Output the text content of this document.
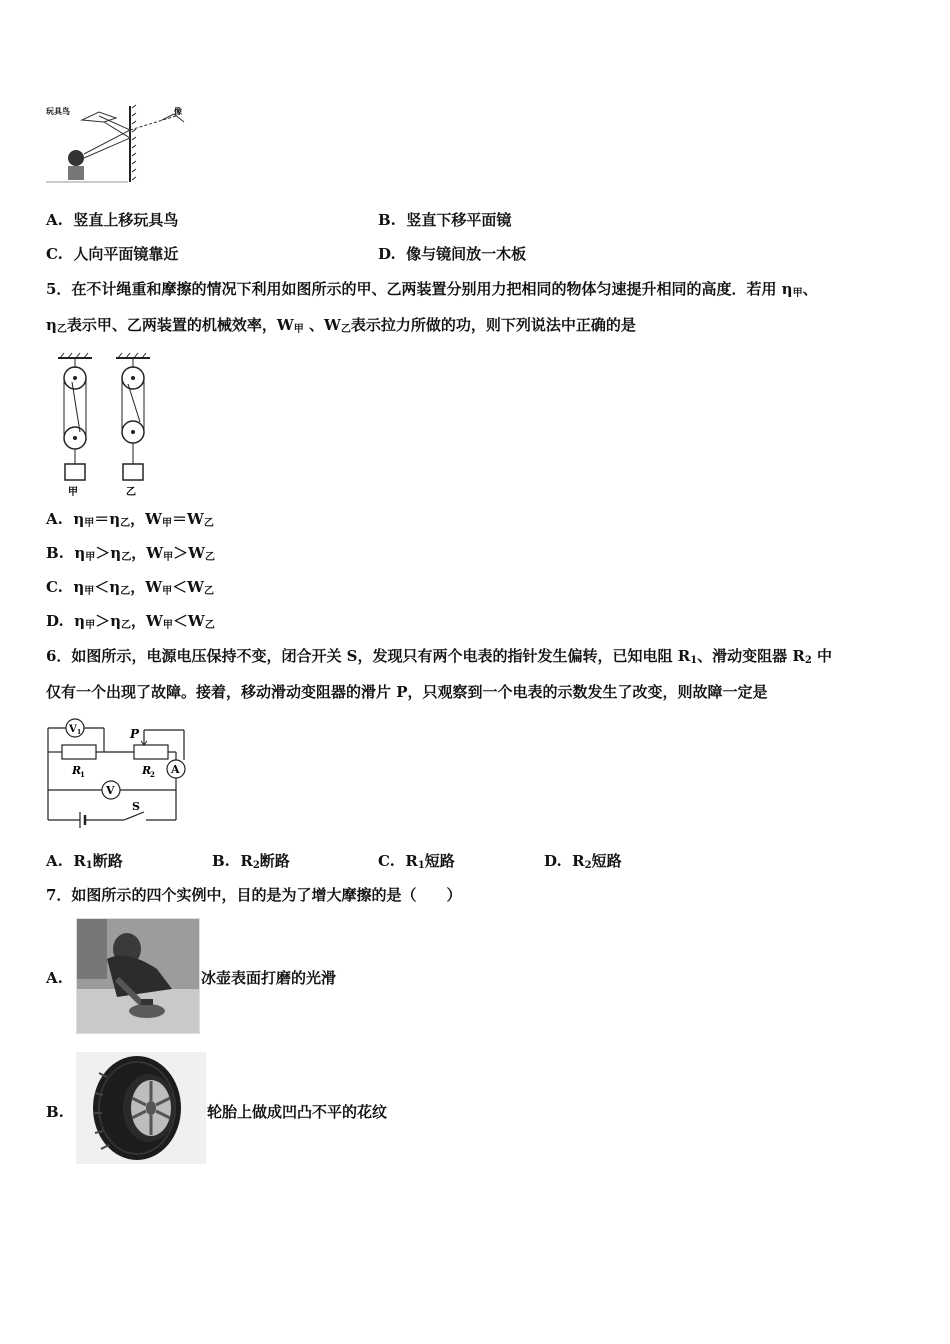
玩具鸟	像
A. 竖直上移玩具鸟	B. 竖直下移平面镜
C. 人向平面镜靠近	D. 像与镜间放一木板
5．在不计绳重和摩擦的情况下利用如图所示的甲、乙两装置分别用力把相同的物体匀速提升相同的高度．若用 $\eta_甲$、
$\eta_乙$表示甲、乙两装置的机械效率，$W_甲$ 、$W_乙$表示拉力所做的功，则下列说法中正确的是
甲	乙
A. $\eta_甲=\eta_乙$，$W_甲=W_乙$
B. $\eta_甲>\eta_乙$，$W_甲>W_乙$
C. $\eta_甲<\eta_乙$，$W_甲<W_乙$
D. $\eta_甲>\eta_乙$，$W_甲<W_乙$
6．如图所示，电源电压保持不变，闭合开关 S，发现只有两个电表的指针发生偏转，已知电阻 $R_1$、滑动变阻器 $R_2$ 中
仅有一个出现了故障。接着，移动滑动变阻器的滑片 P，只观察到一个电表的示数发生了改变，则故障一定是
A
V 1	P
R
1	R
2
V
S
A. $R_1$断路	B. $R_2$断路	C. $R_1$短路	D. $R_2$短路
7．如图所示的四个实例中，目的是为了增大摩擦的是（　　）
A.	冰壶表面打磨的光滑
B.	轮胎上做成凹凸不平的花纹
